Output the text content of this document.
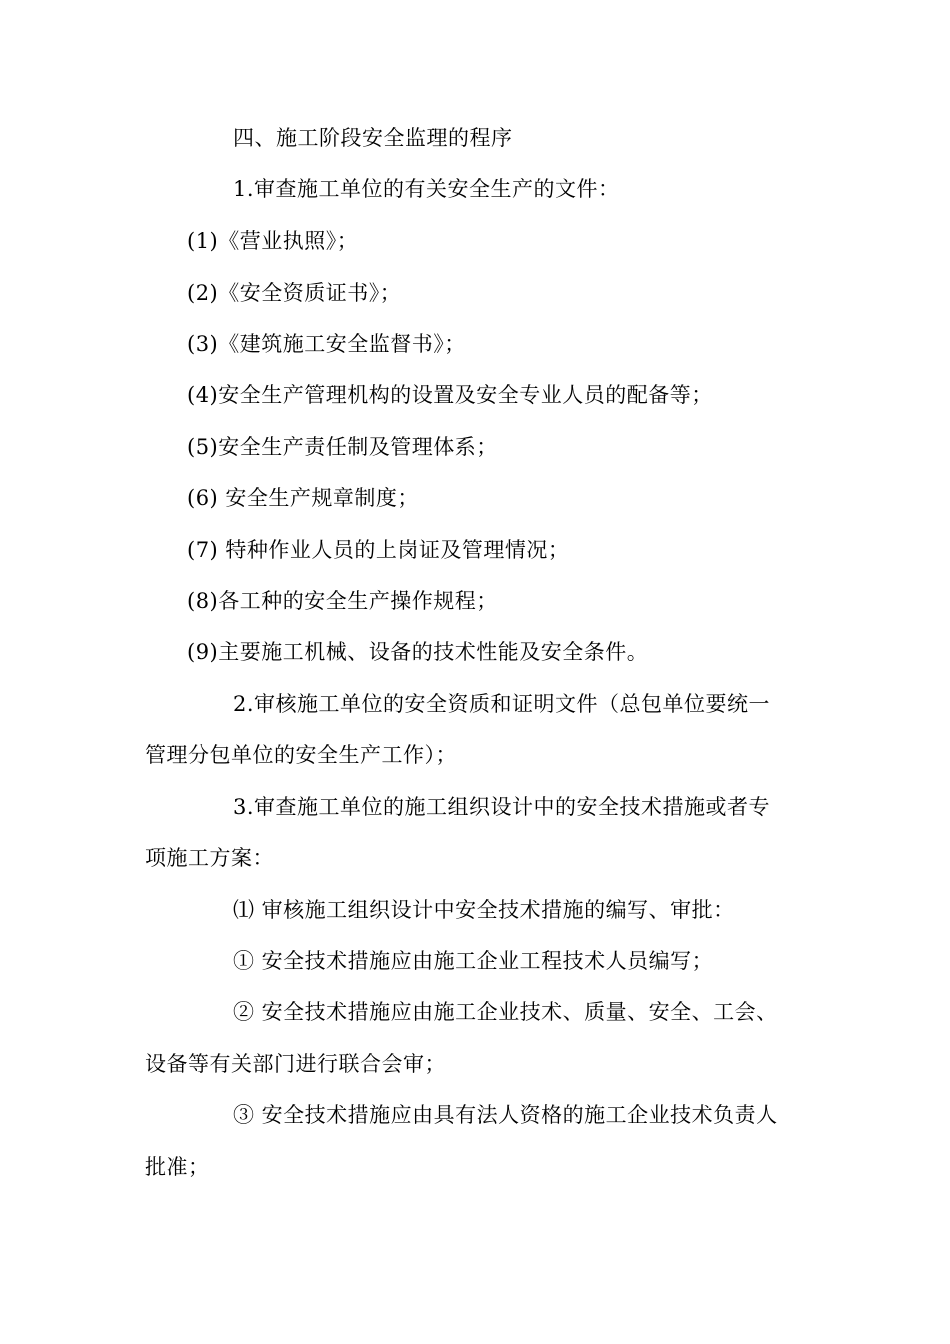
四、施工阶段安全监理的程序
1.审查施工单位的有关安全生产的文件：
(1)《营业执照》；
(2)《安全资质证书》；
(3)《建筑施工安全监督书》；
(4)安全生产管理机构的设置及安全专业人员的配备等；
(5)安全生产责任制及管理体系；
(6) 安全生产规章制度；
(7) 特种作业人员的上岗证及管理情况；
(8)各工种的安全生产操作规程；
(9)主要施工机械、设备的技术性能及安全条件。
2.审核施工单位的安全资质和证明文件（总包单位要统一
管理分包单位的安全生产工作）；
3.审查施工单位的施工组织设计中的安全技术措施或者专
项施工方案：
⑴ 审核施工组织设计中安全技术措施的编写、审批：
① 安全技术措施应由施工企业工程技术人员编写；
② 安全技术措施应由施工企业技术、质量、安全、工会、
设备等有关部门进行联合会审；
③ 安全技术措施应由具有法人资格的施工企业技术负责人
批准；
